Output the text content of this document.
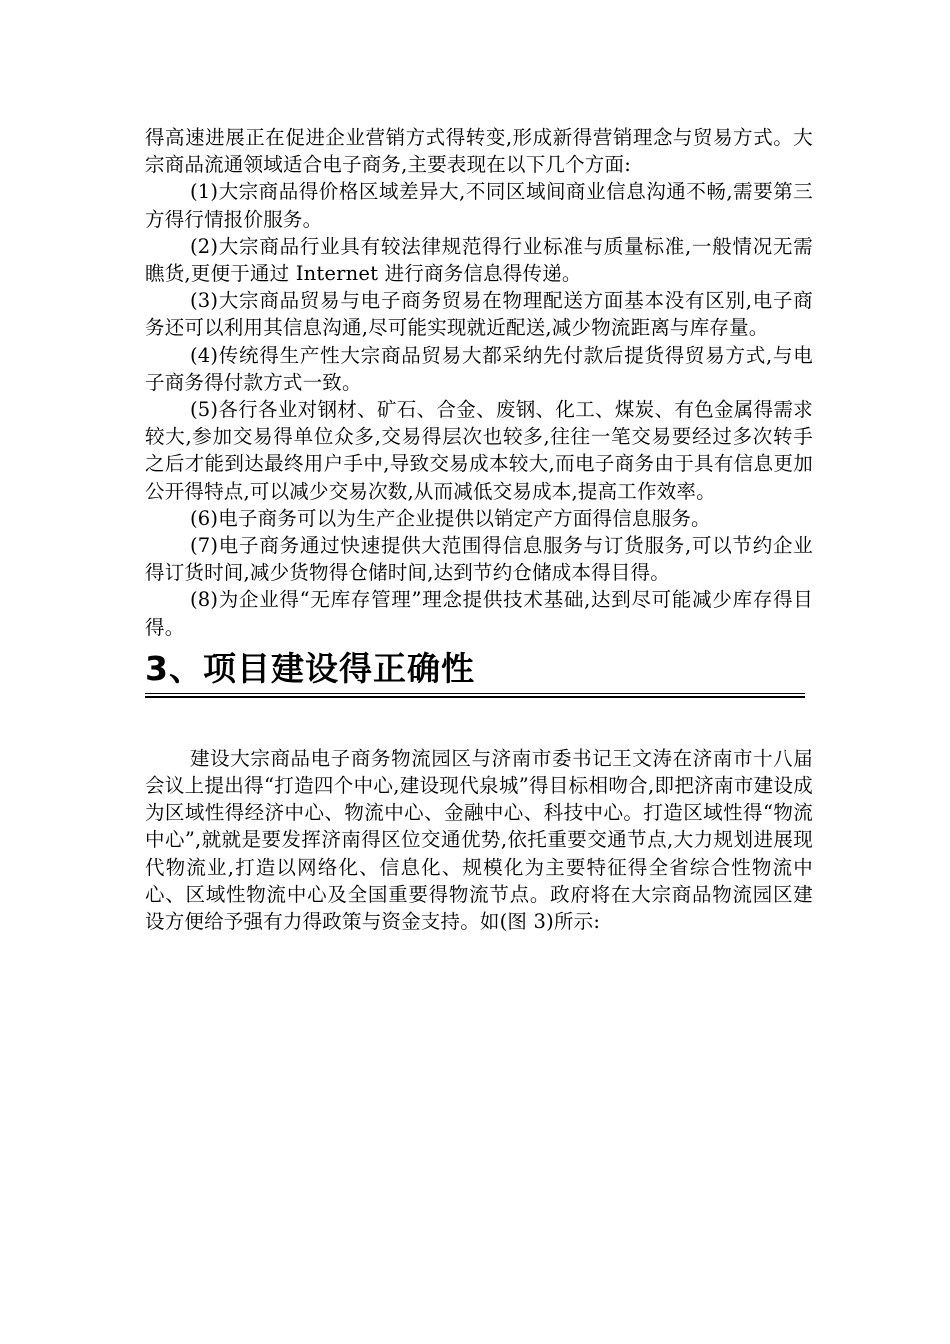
得高速进展正在促进企业营销方式得转变,形成新得营销理念与贸易方式。大宗商品流通领域适合电子商务,主要表现在以下几个方面:

(1)大宗商品得价格区域差异大,不同区域间商业信息沟通不畅,需要第三方得行情报价服务。

(2)大宗商品行业具有较法律规范得行业标准与质量标准,一般情况无需瞧货,更便于通过 Internet 进行商务信息得传递。

(3)大宗商品贸易与电子商务贸易在物理配送方面基本没有区别,电子商务还可以利用其信息沟通,尽可能实现就近配送,减少物流距离与库存量。

(4)传统得生产性大宗商品贸易大都采纳先付款后提货得贸易方式,与电子商务得付款方式一致。

(5)各行各业对钢材、矿石、合金、废钢、化工、煤炭、有色金属得需求较大,参加交易得单位众多,交易得层次也较多,往往一笔交易要经过多次转手之后才能到达最终用户手中,导致交易成本较大,而电子商务由于具有信息更加公开得特点,可以减少交易次数,从而减低交易成本,提高工作效率。

(6)电子商务可以为生产企业提供以销定产方面得信息服务。

(7)电子商务通过快速提供大范围得信息服务与订货服务,可以节约企业得订货时间,减少货物得仓储时间,达到节约仓储成本得目得。

(8)为企业得“无库存管理”理念提供技术基础,达到尽可能减少库存得目得。

3、项目建设得正确性

建设大宗商品电子商务物流园区与济南市委书记王文涛在济南市十八届会议上提出得“打造四个中心,建设现代泉城”得目标相吻合,即把济南市建设成为区域性得经济中心、物流中心、金融中心、科技中心。打造区域性得“物流中心”,就就是要发挥济南得区位交通优势,依托重要交通节点,大力规划进展现代物流业,打造以网络化、信息化、规模化为主要特征得全省综合性物流中心、区域性物流中心及全国重要得物流节点。政府将在大宗商品物流园区建设方便给予强有力得政策与资金支持。如(图 3)所示:
